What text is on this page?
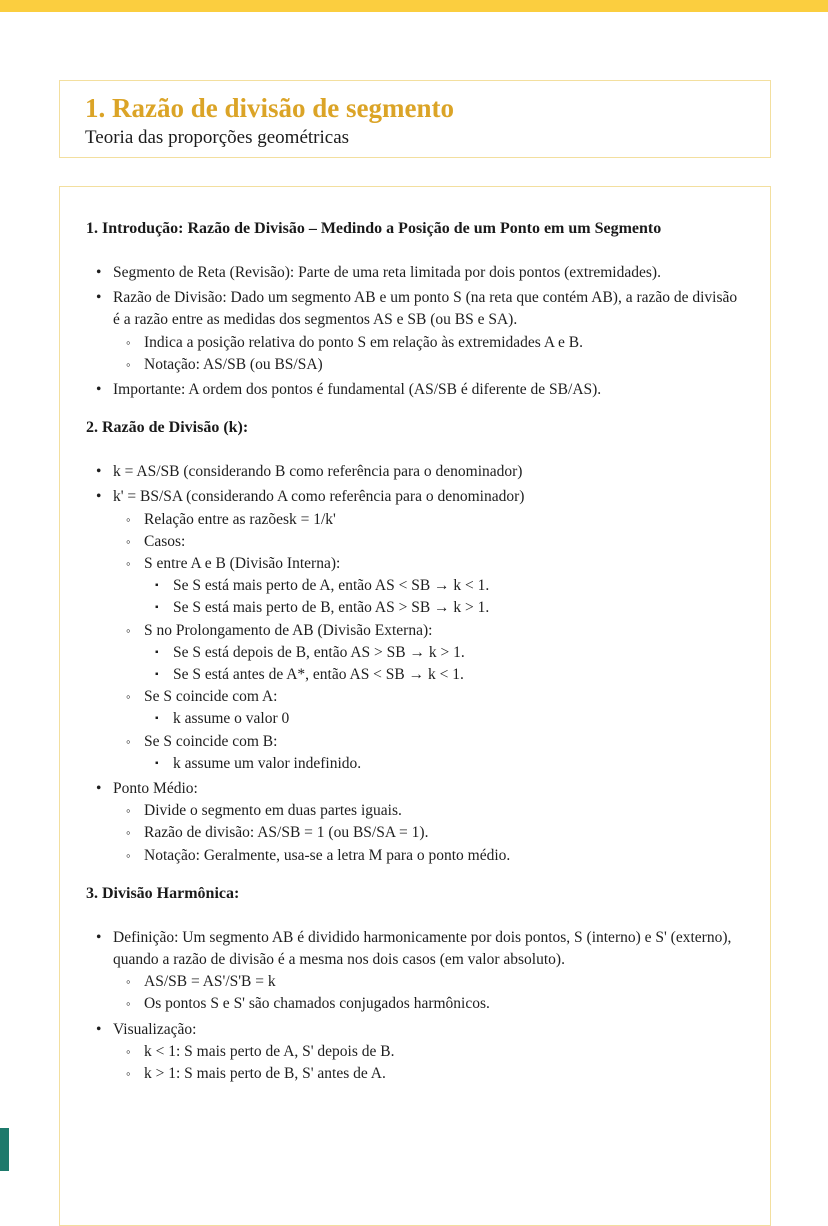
1. Razão de divisão de segmento

Teoria das proporções geométricas

1. Introdução: Razão de Divisão – Medindo a Posição de um Ponto em um Segmento
• Segmento de Reta (Revisão): Parte de uma reta limitada por dois pontos (extremidades).
• Razão de Divisão: Dado um segmento AB e um ponto S (na reta que contém AB), a razão de divisão é a razão entre as medidas dos segmentos AS e SB (ou BS e SA).
◦ Indica a posição relativa do ponto S em relação às extremidades A e B.
◦ Notação: AS/SB (ou BS/SA)
• Importante: A ordem dos pontos é fundamental (AS/SB é diferente de SB/AS).
2. Razão de Divisão (k):
• k = AS/SB (considerando B como referência para o denominador)
• k' = BS/SA (considerando A como referência para o denominador)
◦ Relação entre as razõesk = 1/k'
◦ Casos:
◦ S entre A e B (Divisão Interna):
▪ Se S está mais perto de A, então AS < SB → k < 1.
▪ Se S está mais perto de B, então AS > SB → k > 1.
◦ S no Prolongamento de AB (Divisão Externa):
▪ Se S está depois de B, então AS > SB → k > 1.
▪ Se S está antes de A*, então AS < SB → k < 1.
◦ Se S coincide com A:
▪ k assume o valor 0
◦ Se S coincide com B:
▪ k assume um valor indefinido.
• Ponto Médio:
◦ Divide o segmento em duas partes iguais.
◦ Razão de divisão: AS/SB = 1 (ou BS/SA = 1).
◦ Notação: Geralmente, usa-se a letra M para o ponto médio.
3. Divisão Harmônica:
• Definição: Um segmento AB é dividido harmonicamente por dois pontos, S (interno) e S' (externo), quando a razão de divisão é a mesma nos dois casos (em valor absoluto).
◦ AS/SB = AS'/S'B = k
◦ Os pontos S e S' são chamados conjugados harmônicos.
• Visualização:
◦ k < 1: S mais perto de A, S' depois de B.
◦ k > 1: S mais perto de B, S' antes de A.
